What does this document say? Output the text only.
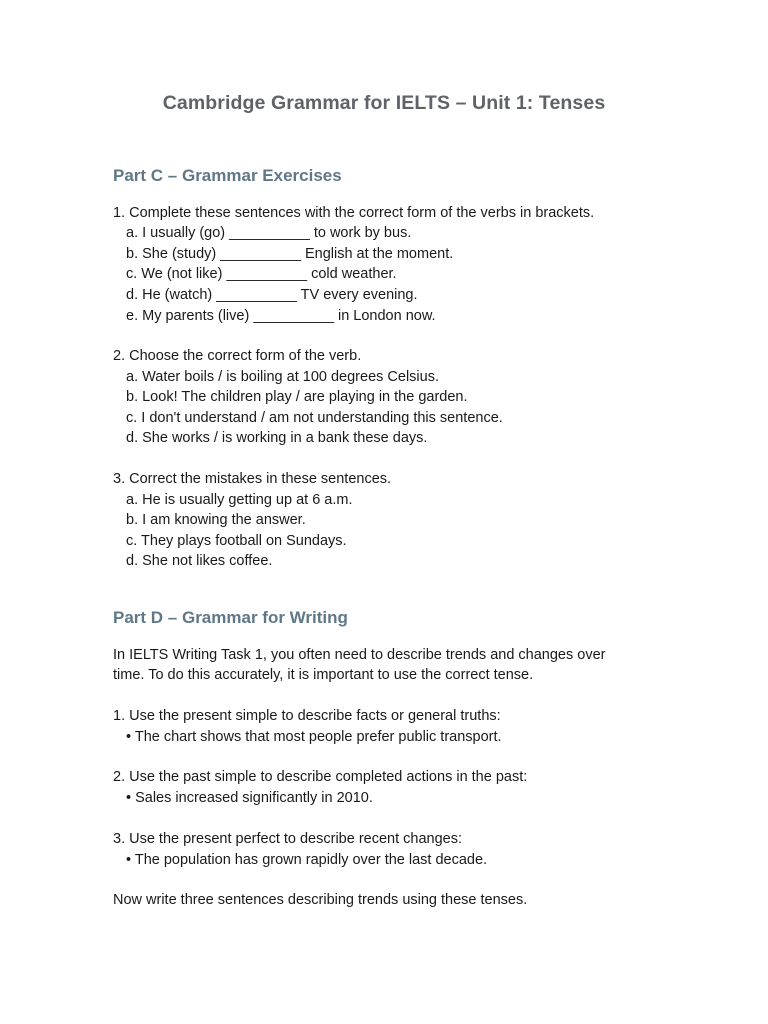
Cambridge Grammar for IELTS – Unit 1: Tenses
Part C – Grammar Exercises
1. Complete these sentences with the correct form of the verbs in brackets.
a. I usually (go) __________ to work by bus.
b. She (study) __________ English at the moment.
c. We (not like) __________ cold weather.
d. He (watch) __________ TV every evening.
e. My parents (live) __________ in London now.
2. Choose the correct form of the verb.
a. Water boils / is boiling at 100 degrees Celsius.
b. Look! The children play / are playing in the garden.
c. I don't understand / am not understanding this sentence.
d. She works / is working in a bank these days.
3. Correct the mistakes in these sentences.
a. He is usually getting up at 6 a.m.
b. I am knowing the answer.
c. They plays football on Sundays.
d. She not likes coffee.
Part D – Grammar for Writing
In IELTS Writing Task 1, you often need to describe trends and changes over
time. To do this accurately, it is important to use the correct tense.
1. Use the present simple to describe facts or general truths:
• The chart shows that most people prefer public transport.
2. Use the past simple to describe completed actions in the past:
• Sales increased significantly in 2010.
3. Use the present perfect to describe recent changes:
• The population has grown rapidly over the last decade.
Now write three sentences describing trends using these tenses.
